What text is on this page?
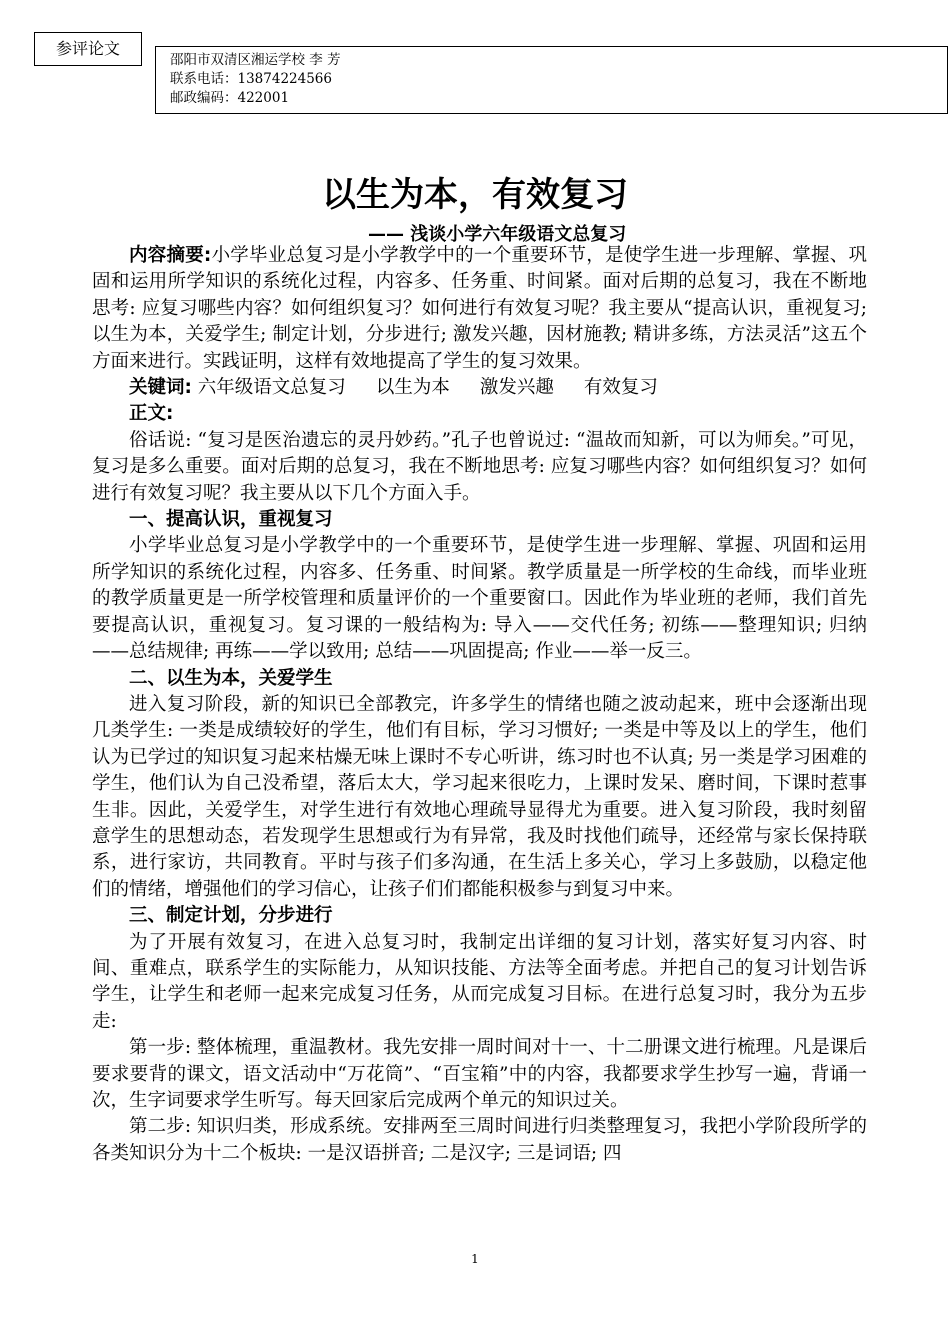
参评论文
邵阳市双清区湘运学校 李 芳
联系电话：13874224566
邮政编码：422001
以生为本，有效复习
—— 浅谈小学六年级语文总复习

内容摘要:小学毕业总复习是小学教学中的一个重要环节，是使学生进一步理解、掌握、巩固和运用所学知识的系统化过程，内容多、任务重、时间紧。面对后期的总复习，我在不断地思考: 应复习哪些内容？如何组织复习？如何进行有效复习呢？我主要从“提高认识，重视复习; 以生为本，关爱学生; 制定计划，分步进行; 激发兴趣，因材施教; 精讲多练，方法灵活”这五个方面来进行。实践证明，这样有效地提高了学生的复习效果。

关键词: 六年级语文总复习 以生为本 激发兴趣 有效复习

正文:

俗话说: “复习是医治遗忘的灵丹妙药。”孔子也曾说过: “温故而知新，可以为师矣。”可见，复习是多么重要。面对后期的总复习，我在不断地思考: 应复习哪些内容？如何组织复习？如何进行有效复习呢？我主要从以下几个方面入手。

一、提高认识，重视复习

小学毕业总复习是小学教学中的一个重要环节，是使学生进一步理解、掌握、巩固和运用所学知识的系统化过程，内容多、任务重、时间紧。教学质量是一所学校的生命线，而毕业班的教学质量更是一所学校管理和质量评价的一个重要窗口。因此作为毕业班的老师，我们首先要提高认识，重视复习。复习课的一般结构为: 导入——交代任务; 初练——整理知识; 归纳——总结规律; 再练——学以致用; 总结——巩固提高; 作业——举一反三。

二、以生为本，关爱学生

进入复习阶段，新的知识已全部教完，许多学生的情绪也随之波动起来，班中会逐渐出现几类学生: 一类是成绩较好的学生，他们有目标，学习习惯好; 一类是中等及以上的学生，他们认为已学过的知识复习起来枯燥无味上课时不专心听讲，练习时也不认真; 另一类是学习困难的学生，他们认为自己没希望，落后太大，学习起来很吃力，上课时发呆、磨时间，下课时惹事生非。因此，关爱学生，对学生进行有效地心理疏导显得尤为重要。进入复习阶段，我时刻留意学生的思想动态，若发现学生思想或行为有异常，我及时找他们疏导，还经常与家长保持联系，进行家访，共同教育。平时与孩子们多沟通，在生活上多关心，学习上多鼓励，以稳定他们的情绪，增强他们的学习信心，让孩子们们都能积极参与到复习中来。

三、制定计划，分步进行

为了开展有效复习，在进入总复习时，我制定出详细的复习计划，落实好复习内容、时间、重难点，联系学生的实际能力，从知识技能、方法等全面考虑。并把自己的复习计划告诉学生，让学生和老师一起来完成复习任务，从而完成复习目标。在进行总复习时，我分为五步走:

第一步: 整体梳理，重温教材。我先安排一周时间对十一、十二册课文进行梳理。凡是课后要求要背的课文，语文活动中“万花筒”、“百宝箱”中的内容，我都要求学生抄写一遍，背诵一次，生字词要求学生听写。每天回家后完成两个单元的知识过关。

第二步: 知识归类，形成系统。安排两至三周时间进行归类整理复习，我把小学阶段所学的各类知识分为十二个板块: 一是汉语拼音; 二是汉字; 三是词语; 四

1
